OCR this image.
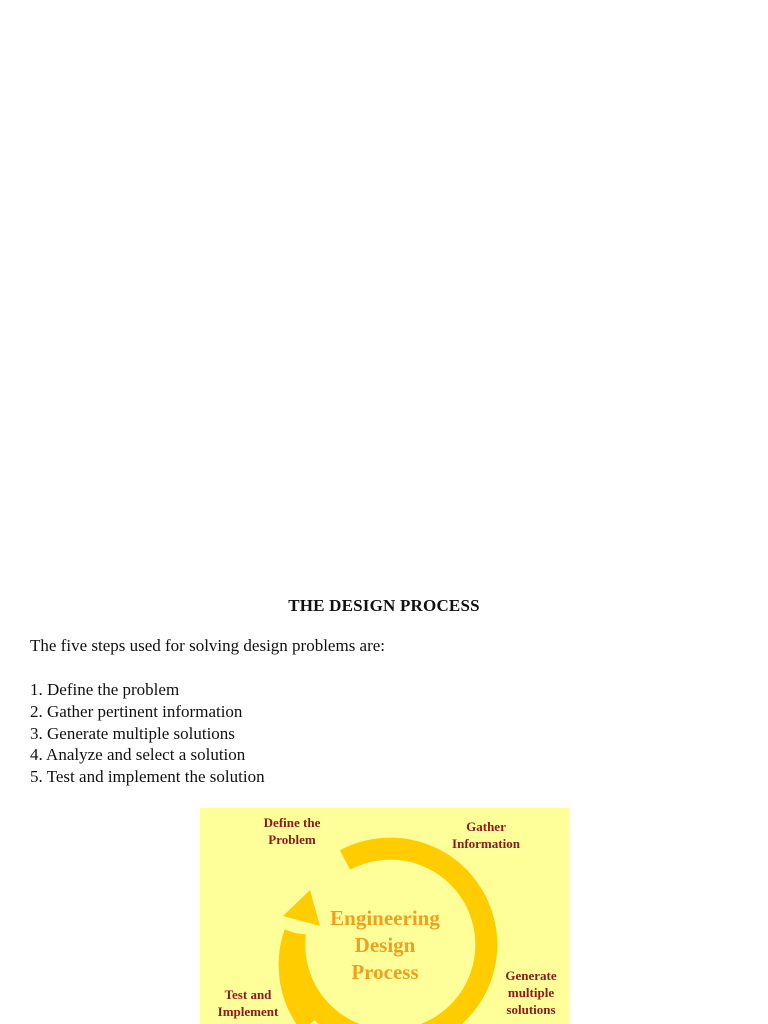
THE DESIGN PROCESS
The five steps used for solving design problems are:
1. Define the problem
2. Gather pertinent information
3. Generate multiple solutions
4. Analyze and select a solution
5. Test and implement the solution
Define the
Problem
Gather
Information
Generate
multiple
solutions
Test and
Implement
Engineering
Design
Process
